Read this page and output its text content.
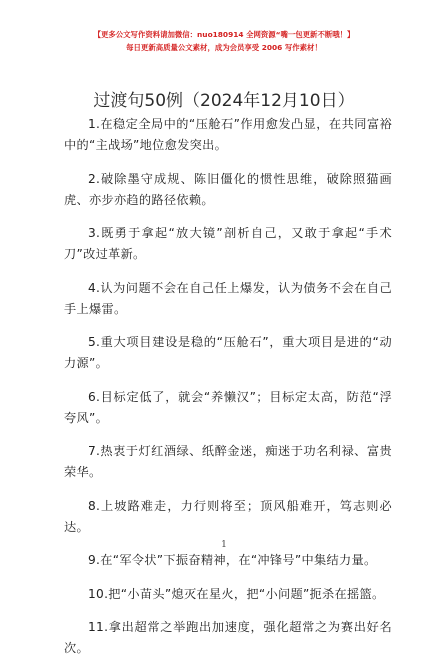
【更多公文写作资料请加微信：nuo180914 全网资源“嘴一包更新不断哦！】
每日更新高质量公文素材，成为会员享受 2006 写作素材！
过渡句50例（2024年12月10日）

1.在稳定全局中的“压舱石”作用愈发凸显，在共同富裕中的“主战场”地位愈发突出。

2.破除墨守成规、陈旧僵化的惯性思维，破除照猫画虎、亦步亦趋的路径依赖。

3.既勇于拿起“放大镜”剖析自己，又敢于拿起“手术刀”改过革新。

4.认为问题不会在自己任上爆发，认为债务不会在自己手上爆雷。

5.重大项目建设是稳的“压舱石”，重大项目是进的“动力源”。

6.目标定低了，就会“养懒汉”；目标定太高，防范“浮夸风”。

7.热衷于灯红酒绿、纸醉金迷，痴迷于功名利禄、富贵荣华。

8.上坡路难走，力行则将至；顶风船难开，笃志则必达。

9.在“军令状”下振奋精神，在“冲锋号”中集结力量。

10.把“小苗头”熄灭在星火，把“小问题”扼杀在摇篮。

11.拿出超常之举跑出加速度，强化超常之为赛出好名次。

1
